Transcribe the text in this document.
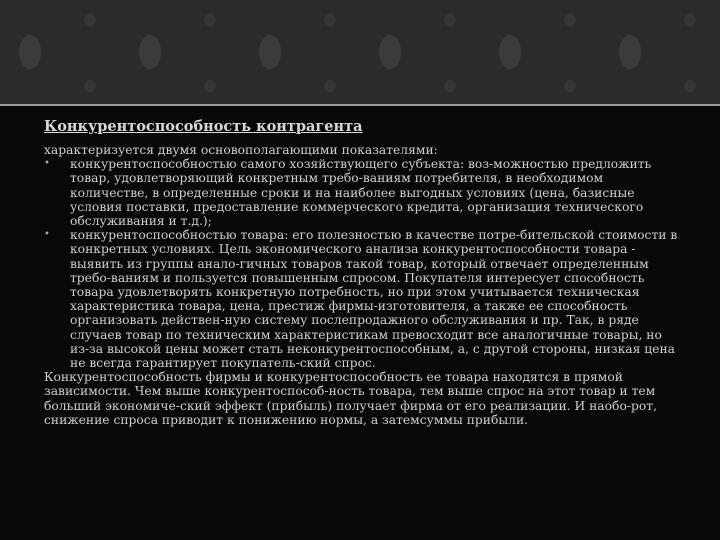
Конкурентоспособность контрагента

характеризуется двумя основополагающими показателями:

• конкурентоспособностью самого хозяйствующего субъекта: воз-можностью предложить товар, удовлетворяющий конкретным требо-ваниям потребителя, в необходимом количестве, в определенные сроки и на наиболее выгодных условиях (цена, базисные условия поставки, предоставление коммерческого кредита, организация технического обслуживания и т.д.);
• конкурентоспособностью товара: его полезностью в качестве потре-бительской стоимости в конкретных условиях. Цель экономического анализа конкурентоспособности товара - выявить из группы анало-гичных товаров такой товар, который отвечает определенным требо-ваниям и пользуется повышенным спросом. Покупателя интересует способность товара удовлетворять конкретную потребность, но при этом учитывается техническая характеристика товара, цена, престиж фирмы-изготовителя, а также ее способность организовать действен-ную систему послепродажного обслуживания и пр. Так, в ряде случаев товар по техническим характеристикам превосходит все аналогичные товары, но из-за высокой цены может стать неконкурентоспособным, а, с другой стороны, низкая цена не всегда гарантирует покупатель-ский спрос.

Конкурентоспособность фирмы и конкурентоспособность ее товара находятся в прямой зависимости. Чем выше конкурентоспособ-ность товара, тем выше спрос на этот товар и тем больший экономиче-ский эффект (прибыль) получает фирма от его реализации. И наобо-рот, снижение спроса приводит к понижению нормы, а затемсуммы прибыли.
